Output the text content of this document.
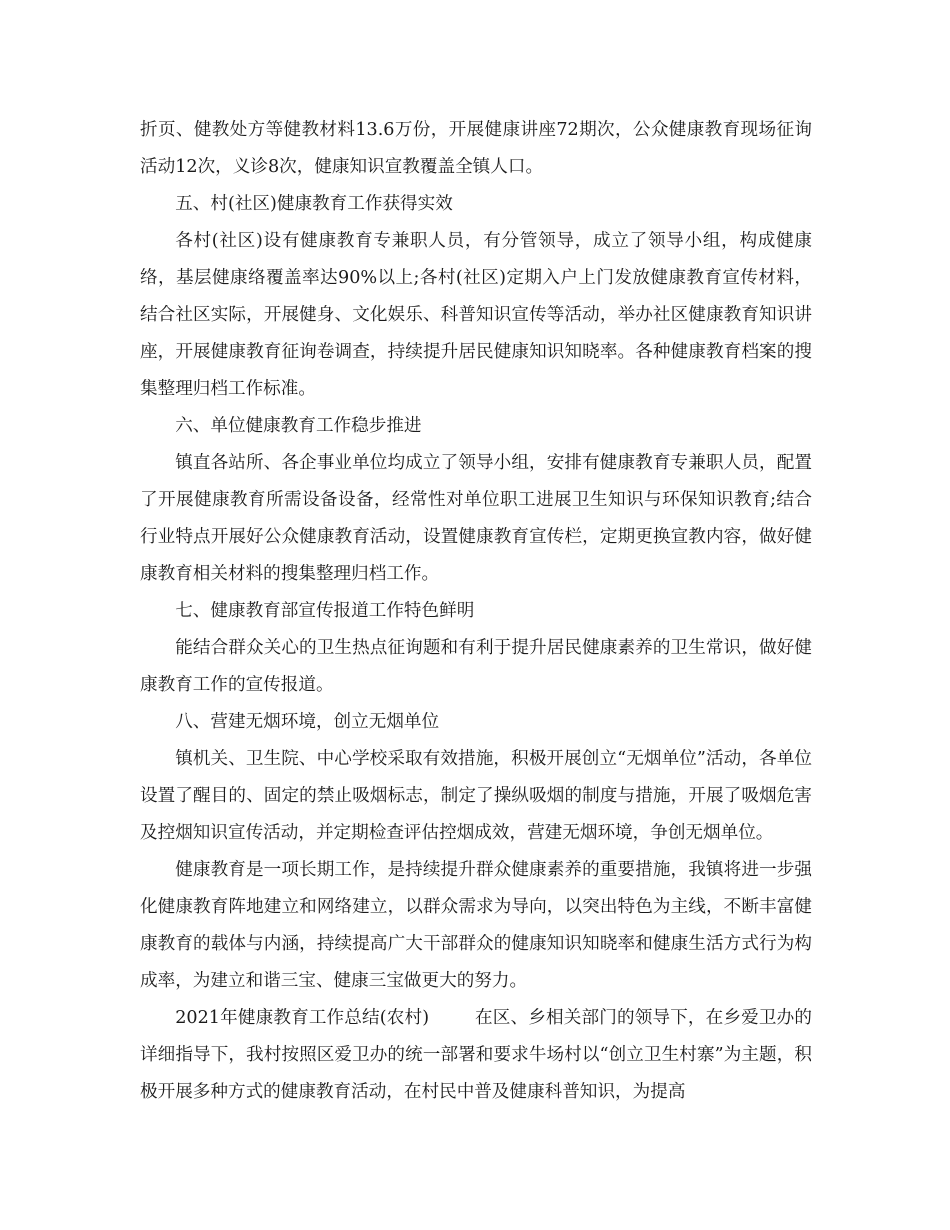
折页、健教处方等健教材料13.6万份，开展健康讲座72期次，公众健康教育现场征询活动12次，义诊8次，健康知识宣教覆盖全镇人口。

五、村(社区)健康教育工作获得实效

各村(社区)设有健康教育专兼职人员，有分管领导，成立了领导小组，构成健康络，基层健康络覆盖率达90%以上;各村(社区)定期入户上门发放健康教育宣传材料，结合社区实际，开展健身、文化娱乐、科普知识宣传等活动，举办社区健康教育知识讲座，开展健康教育征询卷调查，持续提升居民健康知识知晓率。各种健康教育档案的搜集整理归档工作标准。

六、单位健康教育工作稳步推进

镇直各站所、各企事业单位均成立了领导小组，安排有健康教育专兼职人员，配置了开展健康教育所需设备设备，经常性对单位职工进展卫生知识与环保知识教育;结合行业特点开展好公众健康教育活动，设置健康教育宣传栏，定期更换宣教内容，做好健康教育相关材料的搜集整理归档工作。

七、健康教育部宣传报道工作特色鲜明

能结合群众关心的卫生热点征询题和有利于提升居民健康素养的卫生常识，做好健康教育工作的宣传报道。

八、营建无烟环境，创立无烟单位

镇机关、卫生院、中心学校采取有效措施，积极开展创立“无烟单位”活动，各单位设置了醒目的、固定的禁止吸烟标志，制定了操纵吸烟的制度与措施，开展了吸烟危害及控烟知识宣传活动，并定期检查评估控烟成效，营建无烟环境，争创无烟单位。

健康教育是一项长期工作，是持续提升群众健康素养的重要措施，我镇将进一步强化健康教育阵地建立和网络建立，以群众需求为导向，以突出特色为主线，不断丰富健康教育的载体与内涵，持续提高广大干部群众的健康知识知晓率和健康生活方式行为构成率，为建立和谐三宝、健康三宝做更大的努力。

2021年健康教育工作总结(农村)	在区、乡相关部门的领导下，在乡爱卫办的详细指导下，我村按照区爱卫办的统一部署和要求牛场村以“创立卫生村寨”为主题，积极开展多种方式的健康教育活动，在村民中普及健康科普知识，为提高
